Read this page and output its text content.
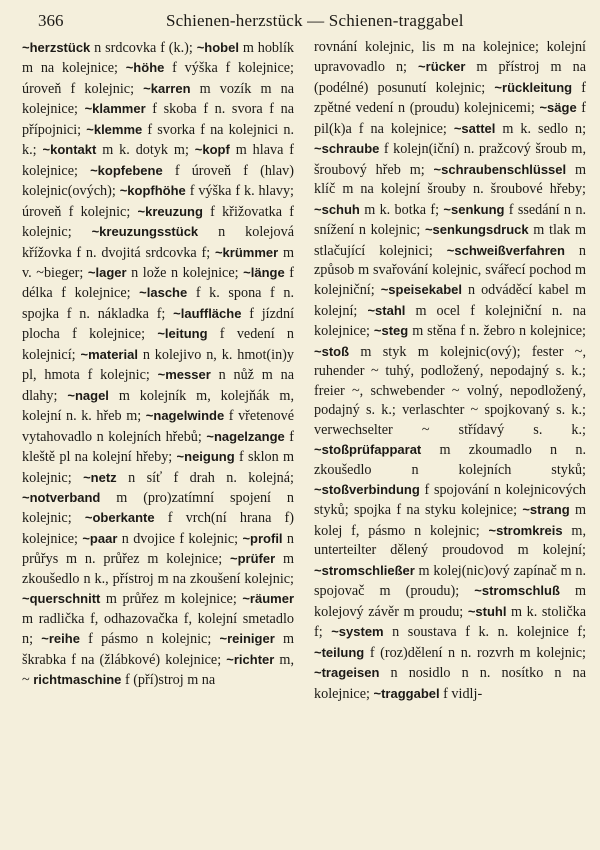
366	Schienen-herzstück — Schienen-traggabel

~herzstück n srdcovka f (k.); ~hobel m hoblík m na kolejnice; ~höhe f výška f kolejnice; úroveň f kolejnic; ~karren m vozík m na kolejnice; ~klammer f skoba f n. svora f na přípojnici; ~klemme f svorka f na kolejnici n. k.; ~kontakt m k. dotyk m; ~kopf m hlava f kolejnice; ~kopfebene f úroveň f (hlav) kolejnic(ových); ~kopfhöhe f výška f k. hlavy; úroveň f kolejnic; ~kreuzung f křižovatka f kolejnic; ~kreuzungsstück n kolejová křížovka f n. dvojitá srdcovka f; ~krümmer m v. ~bieger; ~lager n lože n kolejnice; ~länge f délka f kolejnice; ~lasche f k. spona f n. spojka f n. nákladka f; ~lauffläche f jízdní plocha f kolejnice; ~leitung f vedení n kolejnicí; ~material n kolejivo n, k. hmot(in)y pl, hmota f kolejnic; ~messer n nůž m na dlahy; ~nagel m kolejník m, kolejňák m, kolejní n. k. hřeb m; ~nagelwinde f vřetenové vytahovadlo n kolejních hřebů; ~nagelzange f kleště pl na kolejní hřeby; ~neigung f sklon m kolejnic; ~netz n síť f drah n. kolejná; ~notverband m (pro)zatímní spojení n kolejnic; ~oberkante f vrch(ní hrana f) kolejnice; ~paar n dvojice f kolejnic; ~profil n průřys m n. průřez m kolejnice; ~prüfer m zkoušedlo n k., přístroj m na zkoušení kolejnic; ~querschnitt m průřez m kolejnice; ~räumer m radlička f, odhazovačka f, kolejní smetadlo n; ~reihe f pásmo n kolejnic; ~reiniger m škrabka f na (žlábkové) kolejnice; ~richter m, ~ richtmaschine f (pří)stroj m na

rovnání kolejnic, lis m na kolejnice; kolejní upravovadlo n; ~rücker m přístroj m na (podélné) posunutí kolejnic; ~rückleitung f zpětné vedení n (proudu) kolejnicemi; ~säge f pil(k)a f na kolejnice; ~sattel m k. sedlo n; ~schraube f kolejn(iční) n. pražcový šroub m, šroubový hřeb m; ~schraubenschlüssel m klíč m na kolejní šrouby n. šroubové hřeby; ~schuh m k. botka f; ~senkung f ssedání n n. snížení n kolejnic; ~senkungsdruck m tlak m stlačující kolejnici; ~schweißverfahren n způsob m svařování kolejnic, svářecí pochod m kolejniční; ~speisekabel n odváděcí kabel m kolejní; ~stahl m ocel f kolejniční n. na kolejnice; ~steg m stěna f n. žebro n kolejnice; ~stoß m styk m kolejnic(ový); fester ~, ruhender ~ tuhý, podložený, nepodajný s. k.; freier ~, schwebender ~ volný, nepodložený, podajný s. k.; verlaschter ~ spojkovaný s. k.; verwechselter ~ střídavý s. k.; ~stoßprüfapparat m zkoumadlo n n. zkoušedlo n kolejních styků; ~stoßverbindung f spojování n kolejnicových styků; spojka f na styku kolejnice; ~strang m kolej f, pásmo n kolejnic; ~stromkreis m, unterteilter dělený proudovod m kolejní; ~stromschließer m kolej(nic)ový zapínač m n. spojovač m (proudu); ~stromschluß m kolejový závěr m proudu; ~stuhl m k. stolička f; ~system n soustava f k. n. kolejnice f; ~teilung f (roz)dělení n n. rozvrh m kolejnic; ~trageisen n nosidlo n n. nosítko n na kolejnice; ~traggabel f vidlj-
